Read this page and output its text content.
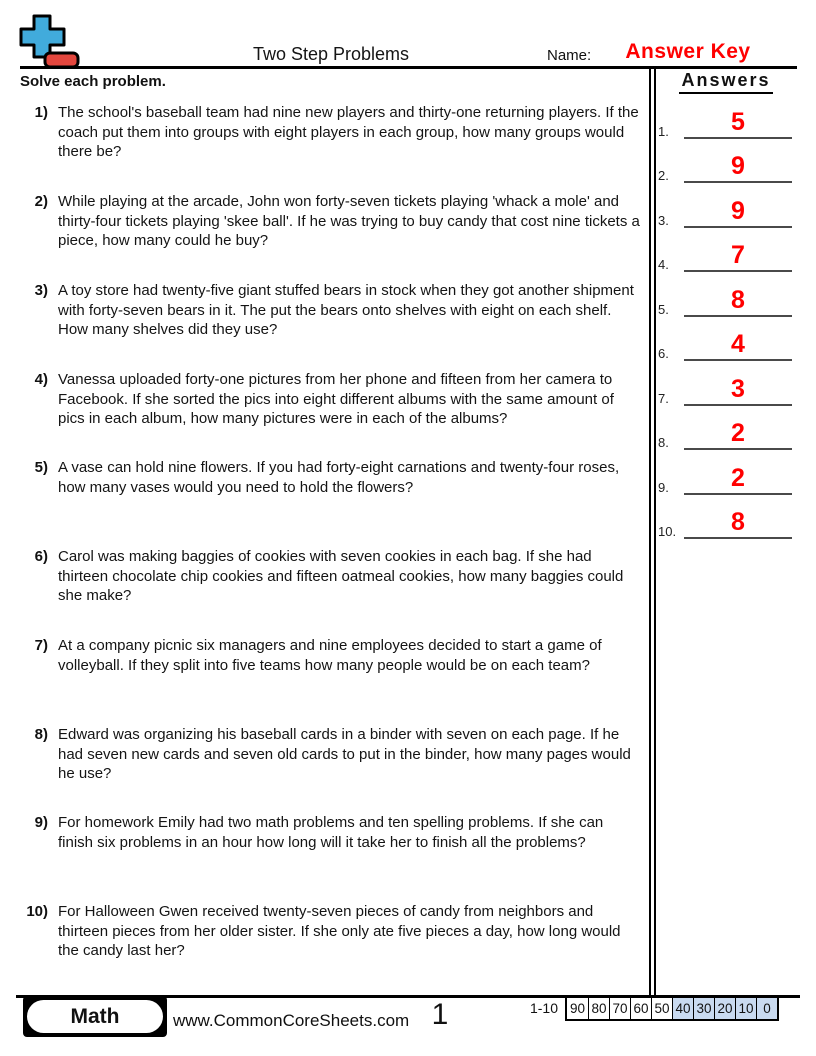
Two Step Problems	Name:	Answer Key
Solve each problem.	Answers
1.	5
2.	9
3.	9
4.	7
5.	8
6.	4
7.	3
8.	2
9.	2
10.	8
1) The school's baseball team had nine new players and thirty-one returning players. If the coach put them into groups with eight players in each group, how many groups would there be?
2) While playing at the arcade, John won forty-seven tickets playing 'whack a mole' and thirty-four tickets playing 'skee ball'. If he was trying to buy candy that cost nine tickets a piece, how many could he buy?
3) A toy store had twenty-five giant stuffed bears in stock when they got another shipment with forty-seven bears in it. The put the bears onto shelves with eight on each shelf. How many shelves did they use?
4) Vanessa uploaded forty-one pictures from her phone and fifteen from her camera to Facebook. If she sorted the pics into eight different albums with the same amount of pics in each album, how many pictures were in each of the albums?
5) A vase can hold nine flowers. If you had forty-eight carnations and twenty-four roses, how many vases would you need to hold the flowers?
6) Carol was making baggies of cookies with seven cookies in each bag. If she had thirteen chocolate chip cookies and fifteen oatmeal cookies, how many baggies could she make?
7) At a company picnic six managers and nine employees decided to start a game of volleyball. If they split into five teams how many people would be on each team?
8) Edward was organizing his baseball cards in a binder with seven on each page. If he had seven new cards and seven old cards to put in the binder, how many pages would he use?
9) For homework Emily had two math problems and ten spelling problems. If she can finish six problems in an hour how long will it take her to finish all the problems?
10) For Halloween Gwen received twenty-seven pieces of candy from neighbors and thirteen pieces from her older sister. If she only ate five pieces a day, how long would the candy last her?
Math	www.CommonCoreSheets.com 1	1-10 90 80 70 60 50 40 30 20 10 0
